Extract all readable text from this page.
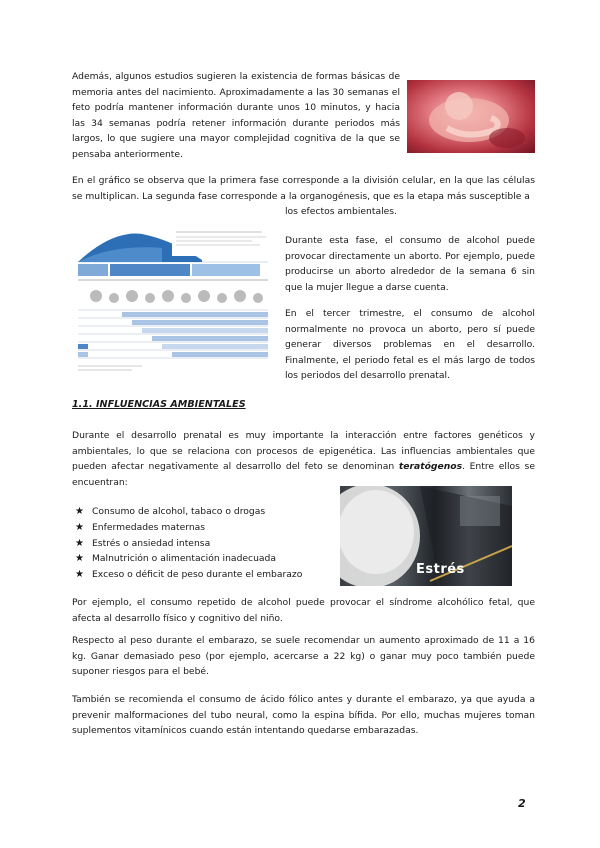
Además, algunos estudios sugieren la existencia de formas básicas de memoria antes del nacimiento. Aproximadamente a las 30 semanas el feto podría mantener información durante unos 10 minutos, y hacia las 34 semanas podría retener información durante periodos más largos, lo que sugiere una mayor complejidad cognitiva de la que se pensaba anteriormente.

En el gráfico se observa que la primera fase corresponde a la división celular, en la que las células se multiplican. La segunda fase corresponde a la organogénesis, que es la etapa más susceptible a

los efectos ambientales.

Durante esta fase, el consumo de alcohol puede provocar directamente un aborto. Por ejemplo, puede producirse un aborto alrededor de la semana 6 sin que la mujer llegue a darse cuenta.

En el tercer trimestre, el consumo de alcohol normalmente no provoca un aborto, pero sí puede generar diversos problemas en el desarrollo. Finalmente, el periodo fetal es el más largo de todos los periodos del desarrollo prenatal.

1.1. INFLUENCIAS AMBIENTALES

Durante el desarrollo prenatal es muy importante la interacción entre factores genéticos y ambientales, lo que se relaciona con procesos de epigenética. Las influencias ambientales que pueden afectar negativamente al desarrollo del feto se denominan teratógenos. Entre ellos se encuentran:

★ Consumo de alcohol, tabaco o drogas
★ Enfermedades maternas
★ Estrés o ansiedad intensa
★ Malnutrición o alimentación inadecuada
★ Exceso o déficit de peso durante el embarazo	Estrés

Por ejemplo, el consumo repetido de alcohol puede provocar el síndrome alcohólico fetal, que afecta al desarrollo físico y cognitivo del niño.

Respecto al peso durante el embarazo, se suele recomendar un aumento aproximado de 11 a 16 kg. Ganar demasiado peso (por ejemplo, acercarse a 22 kg) o ganar muy poco también puede suponer riesgos para el bebé.

También se recomienda el consumo de ácido fólico antes y durante el embarazo, ya que ayuda a prevenir malformaciones del tubo neural, como la espina bífida. Por ello, muchas mujeres toman suplementos vitamínicos cuando están intentando quedarse embarazadas.

2
